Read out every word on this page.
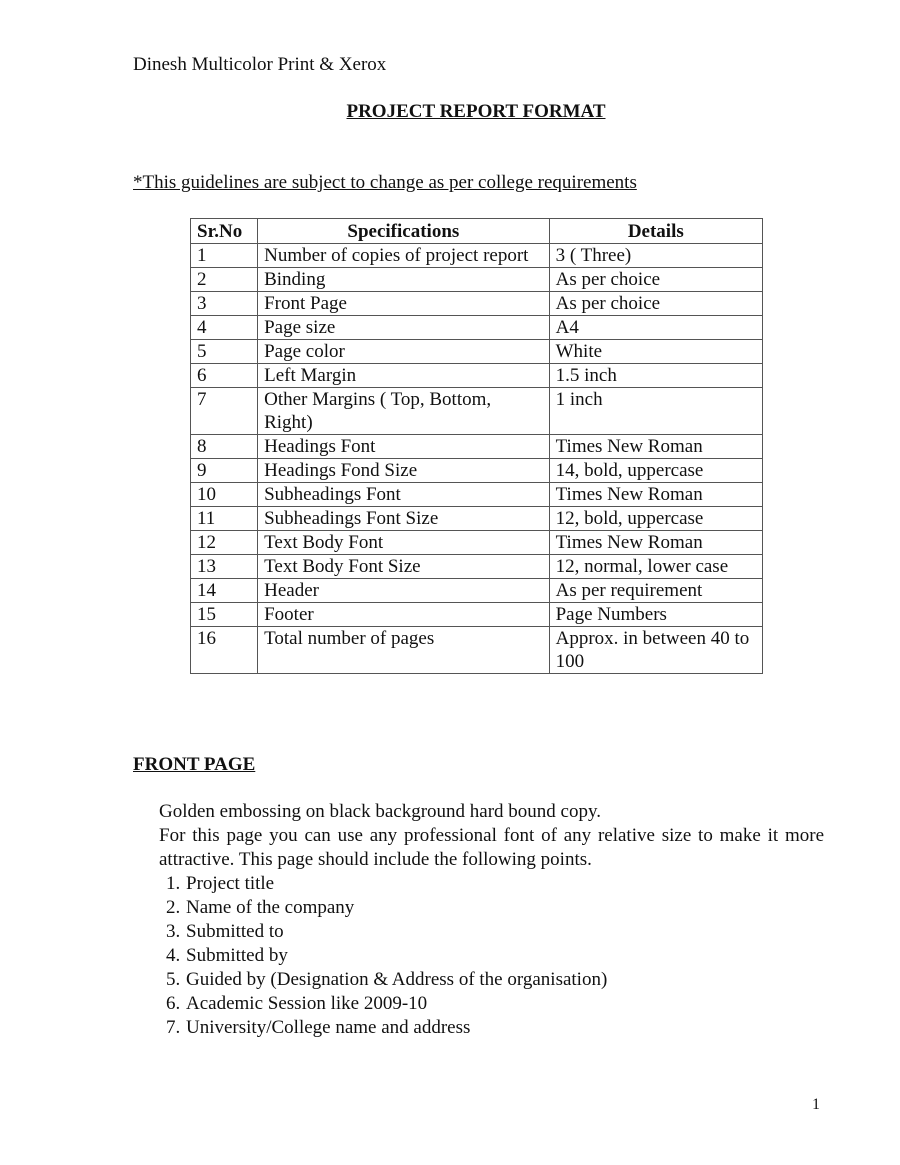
Dinesh Multicolor Print & Xerox
PROJECT REPORT FORMAT
*This guidelines are subject to change as per college requirements
Sr.No	Specifications	Details
1	Number of copies of project report	3 ( Three)
2	Binding	As per choice
3	Front Page	As per choice
4	Page size	A4
5	Page color	White
6	Left Margin	1.5 inch
7	Other Margins ( Top, Bottom, Right)	1 inch
8	Headings Font	Times New Roman
9	Headings Fond Size	14, bold, uppercase
10	Subheadings Font	Times New Roman
11	Subheadings Font Size	12, bold, uppercase
12	Text Body Font	Times New Roman
13	Text Body Font Size	12, normal, lower case
14	Header	As per requirement
15	Footer	Page Numbers
16	Total number of pages	Approx. in between 40 to 100
FRONT PAGE

Golden embossing on black background hard bound copy.

For this page you can use any professional font of any relative size to make it more attractive. This page should include the following points.

1. Project title
2. Name of the company
3. Submitted to
4. Submitted by
5. Guided by (Designation & Address of the organisation)
6. Academic Session like 2009-10
7. University/College name and address
1
